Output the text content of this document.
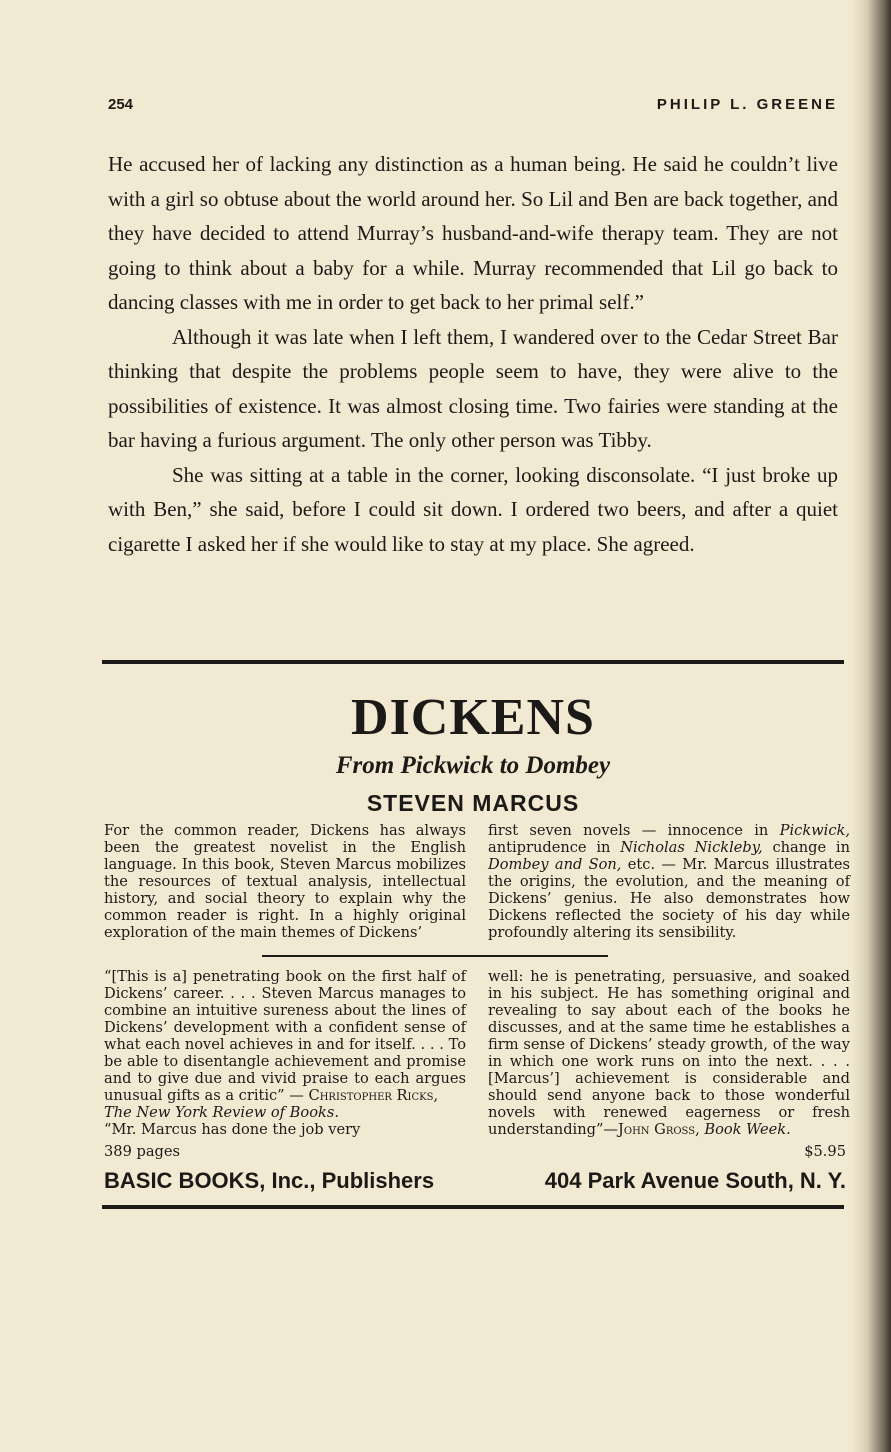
254	PHILIP L. GREENE

He accused her of lacking any distinction as a human being. He said he couldn’t live with a girl so obtuse about the world around her. So Lil and Ben are back together, and they have decided to attend Murray’s husband-and-wife therapy team. They are not going to think about a baby for a while. Murray recommended that Lil go back to dancing classes with me in order to get back to her primal self.”

Although it was late when I left them, I wandered over to the Cedar Street Bar thinking that despite the problems people seem to have, they were alive to the possibilities of existence. It was almost closing time. Two fairies were standing at the bar having a furious argument. The only other person was Tibby.

She was sitting at a table in the corner, looking disconsolate. “I just broke up with Ben,” she said, before I could sit down. I ordered two beers, and after a quiet cigarette I asked her if she would like to stay at my place. She agreed.

DICKENS
From Pickwick to Dombey
STEVEN MARCUS
For the common reader, Dickens has always been the greatest novelist in the English language. In this book, Steven Marcus mobilizes the resources of textual analysis, intellectual history, and social theory to explain why the common reader is right. In a highly original exploration of the main themes of Dickens’
first seven novels — innocence in Pickwick, antiprudence in Nicholas Nickleby, change in Dombey and Son, etc. — Mr. Marcus illustrates the origins, the evolution, and the meaning of Dickens’ genius. He also demonstrates how Dickens reflected the society of his day while profoundly altering its sensibility.
“[This is a] penetrating book on the first half of Dickens’ career. . . . Steven Marcus manages to combine an intuitive sureness about the lines of Dickens’ development with a confident sense of what each novel achieves in and for itself. . . . To be able to disentangle achievement and promise and to give due and vivid praise to each argues unusual gifts as a critic” — Christopher Ricks,
The New York Review of Books.
“Mr. Marcus has done the job very
well: he is penetrating, persuasive, and soaked in his subject. He has something original and revealing to say about each of the books he discusses, and at the same time he establishes a firm sense of Dickens’ steady growth, of the way in which one work runs on into the next. . . . [Marcus’] achievement is considerable and should send anyone back to those wonderful novels with renewed eagerness or fresh understanding”—John Gross, Book Week.
389 pages	$5.95
BASIC BOOKS, Inc., Publishers	404 Park Avenue South, N. Y.
